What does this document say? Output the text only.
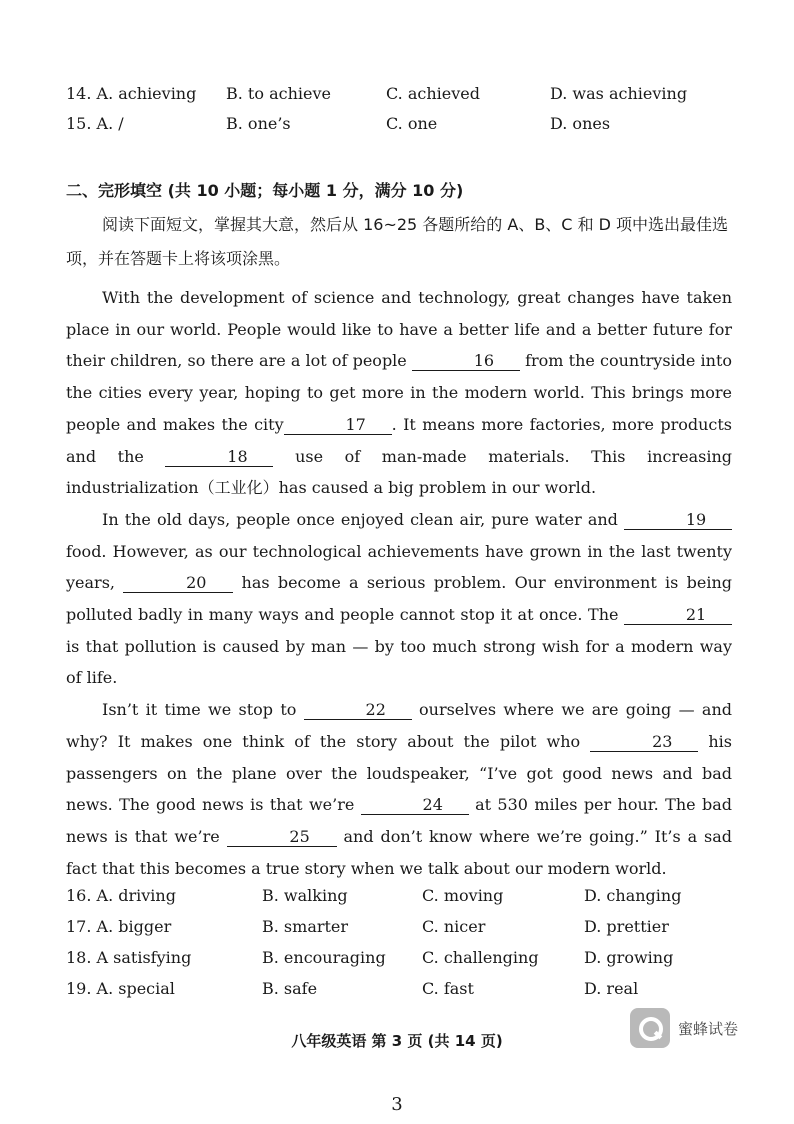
14. A. achieving B. to achieve	C. achieved	D. was achieving
15. A. /	B. one’s	C. one	D. ones
二、完形填空 (共 10 小题；每小题 1 分，满分 10 分)
阅读下面短文，掌握其大意，然后从 16~25 各题所给的 A、B、C 和 D 项中选出最佳选项，并在答题卡上将该项涂黑。

With the development of science and technology, great changes have taken place in our world. People would like to have a better life and a better future for their children, so there are a lot of people	16 from the countryside into the cities every year, hoping to get more in the modern world. This brings more people and makes the city	17 . It means more factories, more products and the	18 use of man-made materials. This increasing industrialization（工业化）has caused a big problem in our world.

In the old days, people once enjoyed clean air, pure water and	19 food. However, as our technological achievements have grown in the last twenty years,	20 has become a serious problem. Our environment is being polluted badly in many ways and people cannot stop it at once. The	21 is that pollution is caused by man — by too much strong wish for a modern way of life.

Isn’t it time we stop to	22 ourselves where we are going — and why? It makes one think of the story about the pilot who	23 his passengers on the plane over the loudspeaker, “I’ve got good news and bad news. The good news is that we’re	24 at 530 miles per hour. The bad news is that we’re	25 and don’t know where we’re going.” It’s a sad fact that this becomes a true story when we talk about our modern world.

16. A. driving	B. walking	C. moving	D. changing
17. A. bigger	B. smarter	C. nicer	D. prettier
18. A satisfying	B. encouraging C. challenging	D. growing
19. A. special	B. safe	C. fast	D. real
蜜蜂试卷
八年级英语 第 3 页 (共 14 页)
3
